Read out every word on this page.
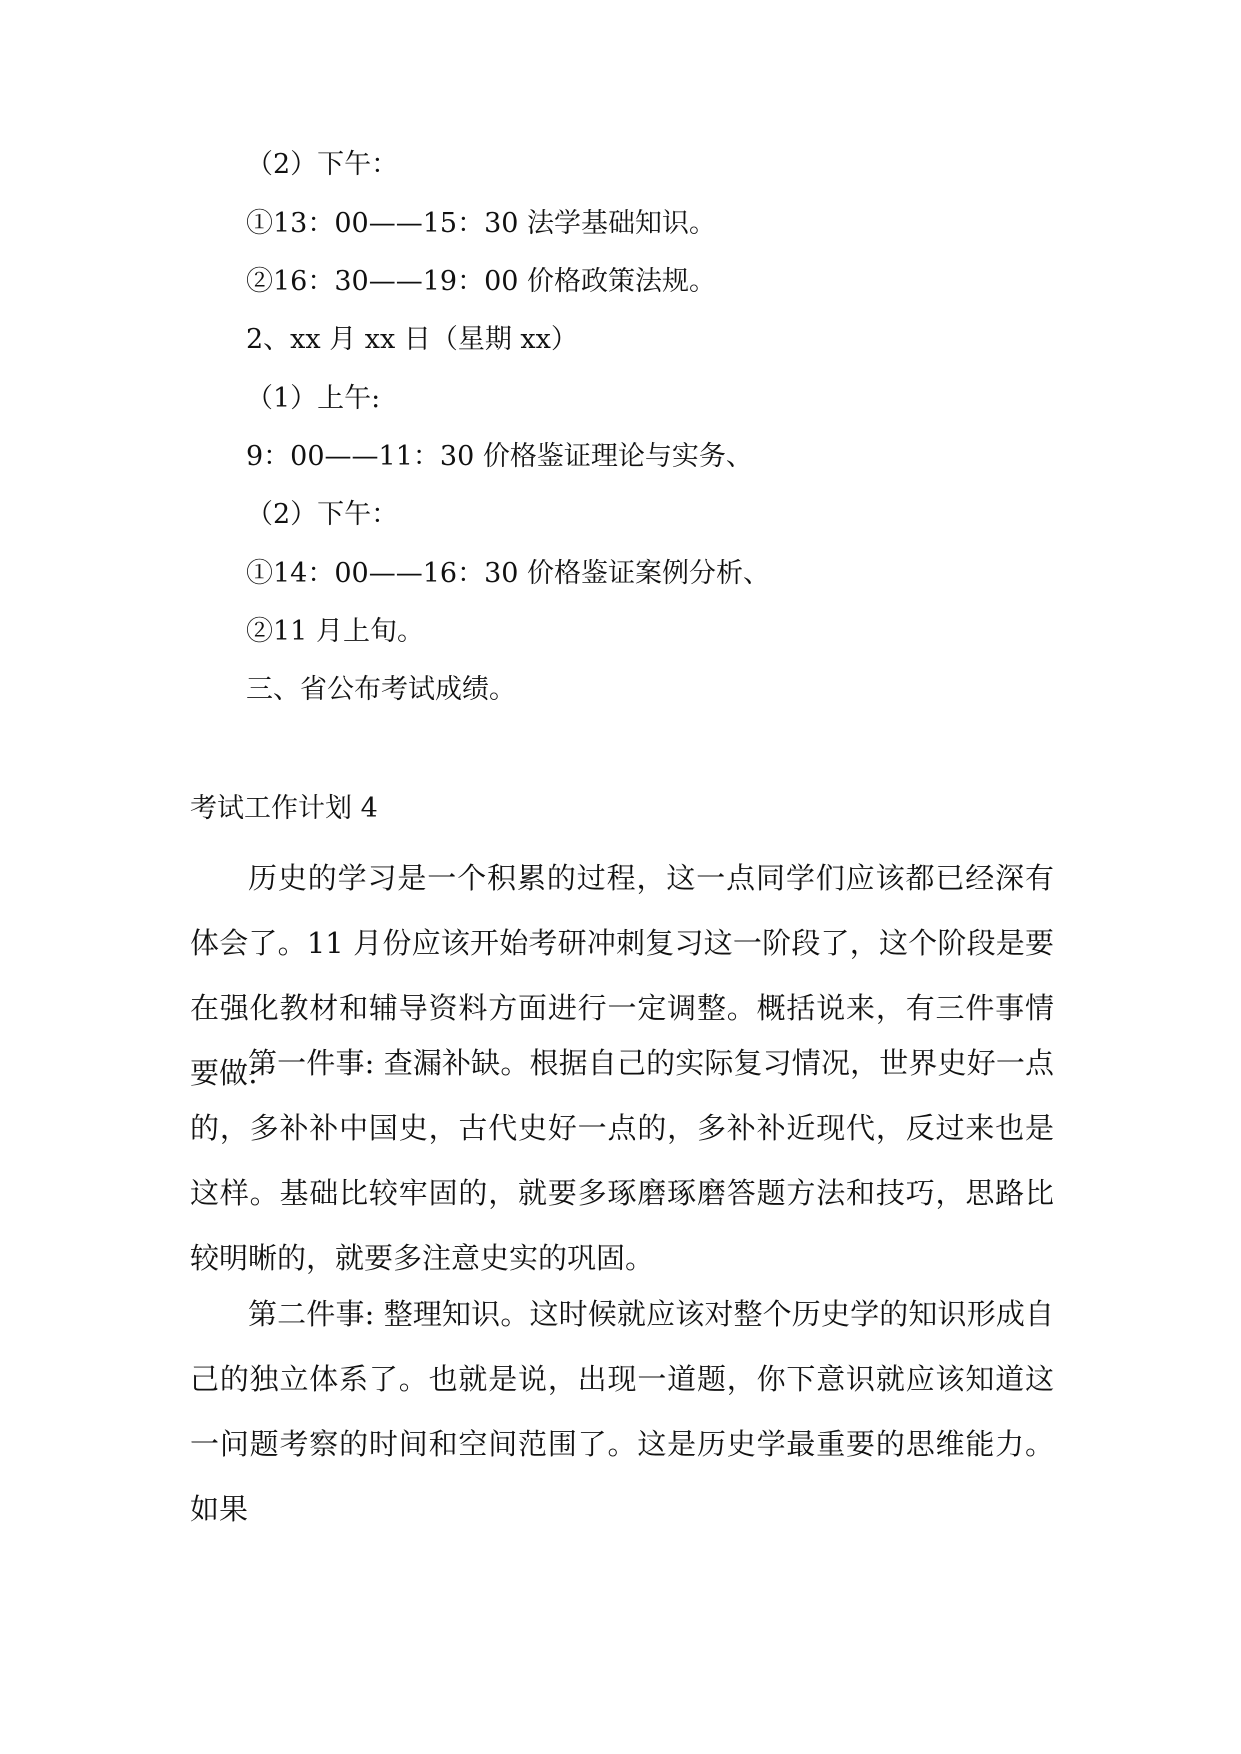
（2）下午：
①13：00——15：30 法学基础知识。
②16：30——19：00 价格政策法规。
2、xx 月 xx 日（星期 xx）
（1）上午:
9：00——11：30 价格鉴证理论与实务、
（2）下午：
①14：00——16：30 价格鉴证案例分析、
②11 月上旬。
三、省公布考试成绩。
考试工作计划 4

历史的学习是一个积累的过程，这一点同学们应该都已经深有体会了。11 月份应该开始考研冲刺复习这一阶段了，这个阶段是要在强化教材和辅导资料方面进行一定调整。概括说来，有三件事情要做:

第一件事: 查漏补缺。根据自己的实际复习情况，世界史好一点的，多补补中国史，古代史好一点的，多补补近现代，反过来也是这样。基础比较牢固的，就要多琢磨琢磨答题方法和技巧，思路比较明晰的，就要多注意史实的巩固。

第二件事: 整理知识。这时候就应该对整个历史学的知识形成自己的独立体系了。也就是说，出现一道题，你下意识就应该知道这一问题考察的时间和空间范围了。这是历史学最重要的思维能力。如果
